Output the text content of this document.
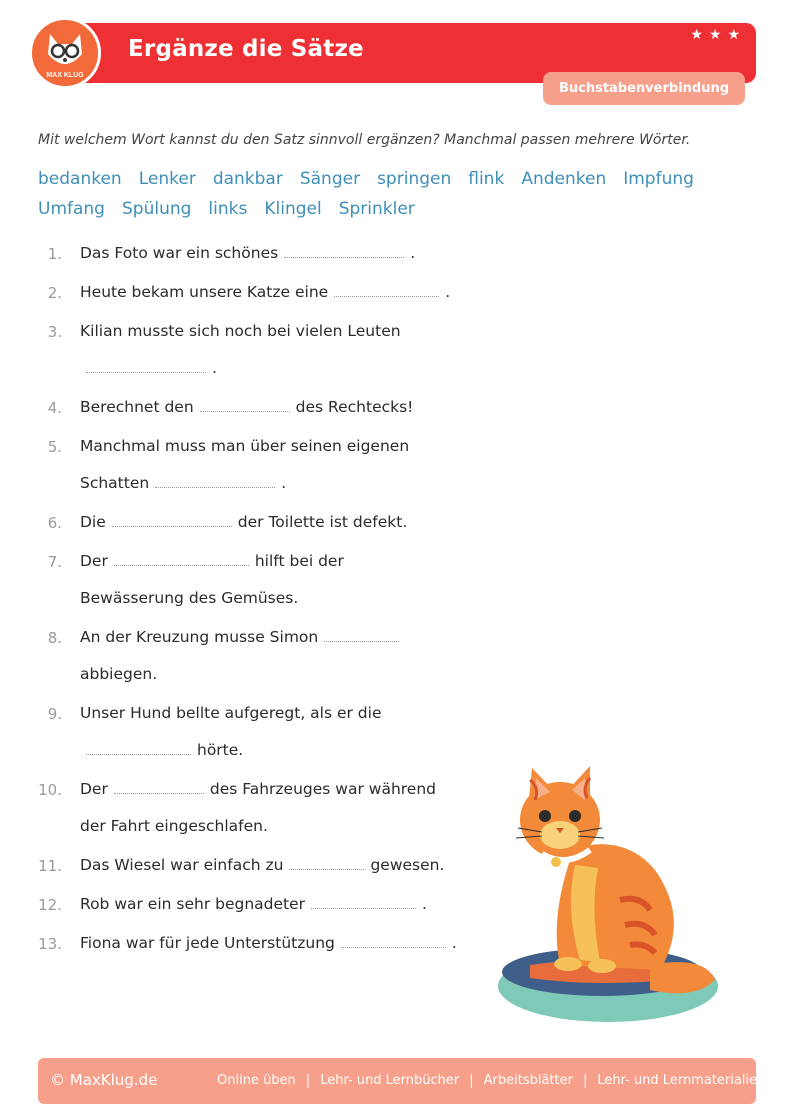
MAX KLUG
Ergänze die Sätze
★★★
Buchstabenverbindung
Mit welchem Wort kannst du den Satz sinnvoll ergänzen? Manchmal passen mehrere Wörter.
bedanken Lenker dankbar Sänger springen flink Andenken ImpfungUmfang Spülung links Klingel Sprinkler
1. Das Foto war ein schönes	.
2. Heute bekam unsere Katze eine	.
3. Kilian musste sich noch bei vielen Leuten
.
4. Berechnet den	des Rechtecks!
5. Manchmal muss man über seinen eigenen
Schatten	.
6. Die	der Toilette ist defekt.
7. Der	hilft bei der
Bewässerung des Gemüses.
8. An der Kreuzung musse Simon
abbiegen.
9. Unser Hund bellte aufgeregt, als er die
hörte.
10. Der	des Fahrzeuges war während
der Fahrt eingeschlafen.
11. Das Wiesel war einfach zu	gewesen.
12. Rob war ein sehr begnadeter	.
13. Fiona war für jede Unterstützung	.
© MaxKlug.de	Online üben | Lehr- und Lernbücher | Arbeitsblätter | Lehr- und Lernmaterialien
